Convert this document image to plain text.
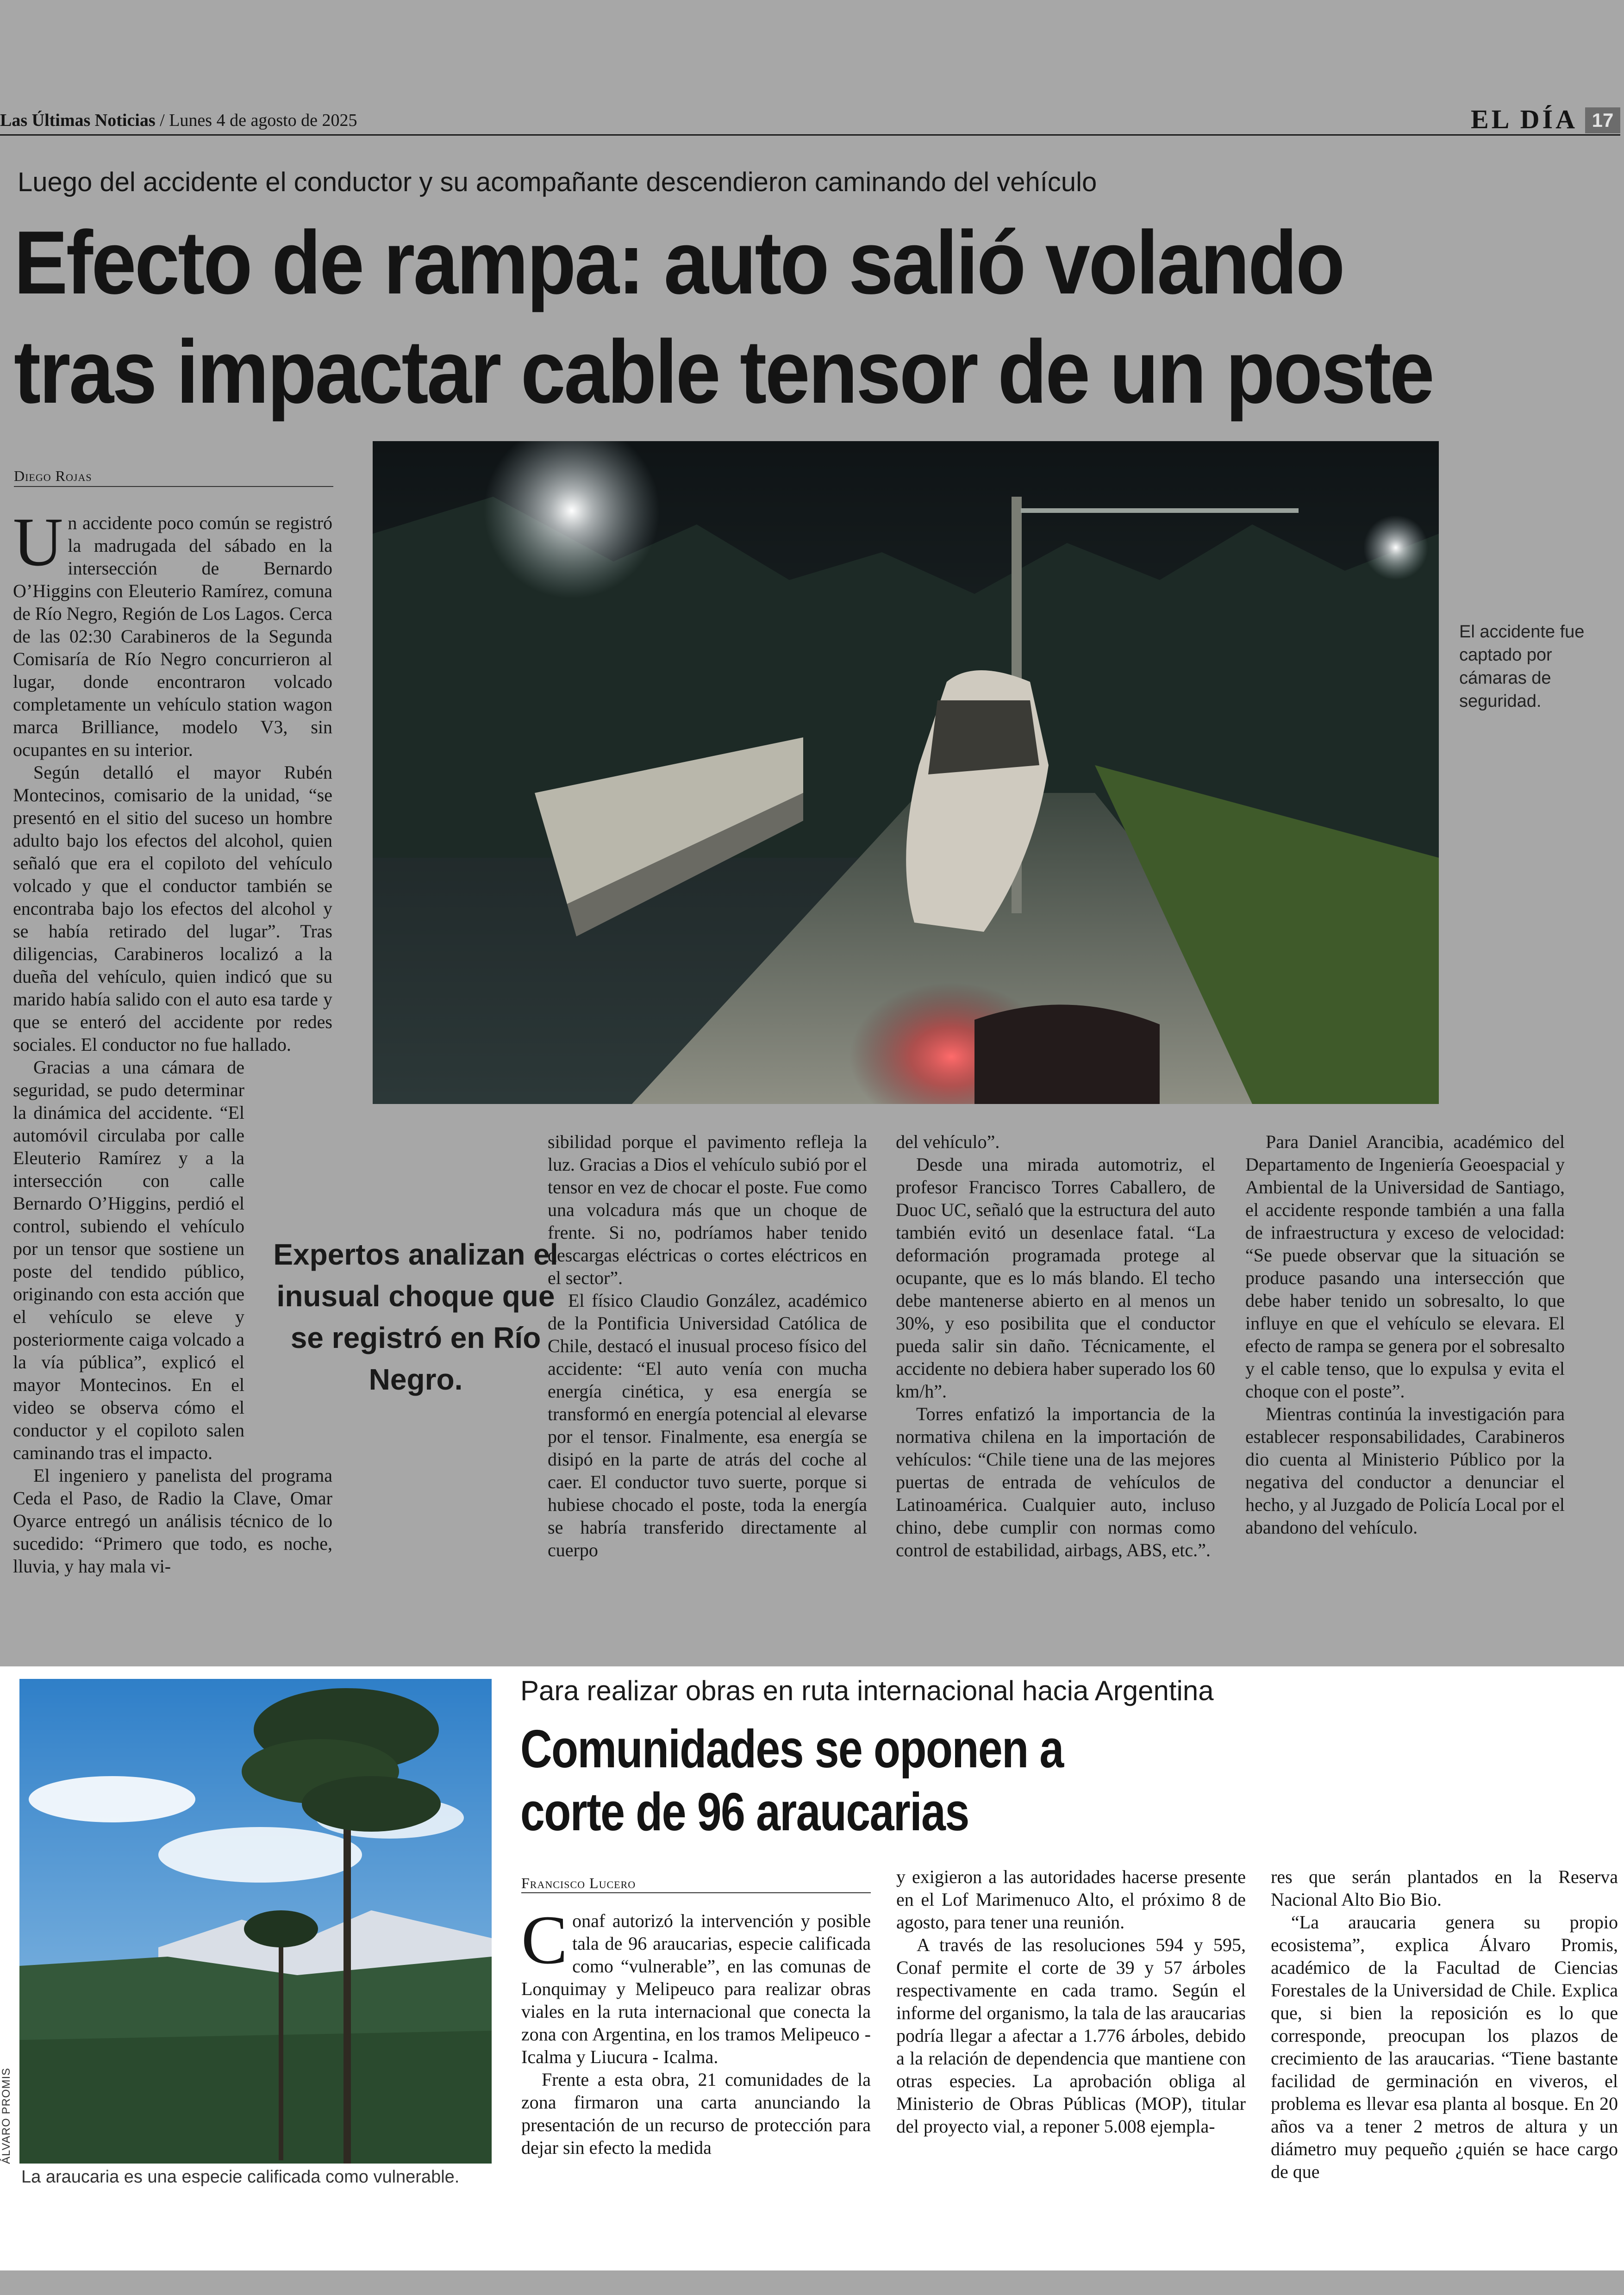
Las Últimas Noticias / Lunes 4 de agosto de 2025	EL DÍA 17
Luego del accidente el conductor y su acompañante descendieron caminando del vehículo
Efecto de rampa: auto salió volando
tras impactar cable tensor de un poste
Diego Rojas
El accidente fue captado por cámaras de seguridad.

Un accidente poco común se registró la madrugada del sábado en la intersección de Bernardo O’Higgins con Eleuterio Ramírez, comuna de Río Negro, Región de Los Lagos. Cerca de las 02:30 Carabineros de la Segunda Comisaría de Río Negro concurrieron al lugar, donde encontraron volcado completamente un vehículo station wagon marca Brilliance, modelo V3, sin ocupantes en su interior.

Según detalló el mayor Rubén Montecinos, comisario de la unidad, “se presentó en el sitio del suceso un hombre adulto bajo los efectos del alcohol, quien señaló que era el copiloto del vehículo volcado y que el conductor también se encontraba bajo los efectos del alcohol y se había retirado del lugar”. Tras diligencias, Carabineros localizó a la dueña del vehículo, quien indicó que su marido había salido con el auto esa tarde y que se enteró del accidente por redes sociales. El conductor no fue hallado.

Gracias a una cámara de seguridad, se pudo determinar la dinámica del accidente. “El automóvil circulaba por calle Eleuterio Ramírez y a la intersección con calle Bernardo O’Higgins, perdió el control, subiendo el vehículo por un tensor que sostiene un poste del tendido público, originando con esta acción que el vehículo se eleve y posteriormente caiga volcado a la vía pública”, explicó el mayor Montecinos. En el video se observa cómo el conductor y el copiloto salen caminando tras el impacto.

El ingeniero y panelista del programa Ceda el Paso, de Radio la Clave, Omar Oyarce entregó un análisis técnico de lo sucedido: “Primero que todo, es noche, lluvia, y hay mala vi-

Expertos analizan el inusual choque que se registró en Río Negro.

sibilidad porque el pavimento refleja la luz. Gracias a Dios el vehículo subió por el tensor en vez de chocar el poste. Fue como una volcadura más que un choque de frente. Si no, podríamos haber tenido descargas eléctricas o cortes eléctricos en el sector”.

El físico Claudio González, académico de la Pontificia Universidad Católica de Chile, destacó el inusual proceso físico del accidente: “El auto venía con mucha energía cinética, y esa energía se transformó en energía potencial al elevarse por el tensor. Finalmente, esa energía se disipó en la parte de atrás del coche al caer. El conductor tuvo suerte, porque si hubiese chocado el poste, toda la energía se habría transferido directamente al cuerpo

del vehículo”.

Desde una mirada automotriz, el profesor Francisco Torres Caballero, de Duoc UC, señaló que la estructura del auto también evitó un desenlace fatal. “La deformación programada protege al ocupante, que es lo más blando. El techo debe mantenerse abierto en al menos un 30%, y eso posibilita que el conductor pueda salir sin daño. Técnicamente, el accidente no debiera haber superado los 60 km/h”.

Torres enfatizó la importancia de la normativa chilena en la importación de vehículos: “Chile tiene una de las mejores puertas de entrada de vehículos de Latinoamérica. Cualquier auto, incluso chino, debe cumplir con normas como control de estabilidad, airbags, ABS, etc.”.

Para Daniel Arancibia, académico del Departamento de Ingeniería Geoespacial y Ambiental de la Universidad de Santiago, el accidente responde también a una falla de infraestructura y exceso de velocidad: “Se puede observar que la situación se produce pasando una intersección que debe haber tenido un sobresalto, lo que influye en que el vehículo se elevara. El efecto de rampa se genera por el sobresalto y el cable tenso, que lo expulsa y evita el choque con el poste”.

Mientras continúa la investigación para establecer responsabilidades, Carabineros dio cuenta al Ministerio Público por la negativa del conductor a denunciar el hecho, y al Juzgado de Policía Local por el abandono del vehículo.

ÁLVARO PROMIS
La araucaria es una especie calificada como vulnerable.
Para realizar obras en ruta internacional hacia Argentina
Comunidades se oponen a
corte de 96 araucarias
Francisco Lucero

Conaf autorizó la intervención y posible tala de 96 araucarias, especie calificada como “vulnerable”, en las comunas de Lonquimay y Melipeuco para realizar obras viales en la ruta internacional que conecta la zona con Argentina, en los tramos Melipeuco - Icalma y Liucura - Icalma.

Frente a esta obra, 21 comunidades de la zona firmaron una carta anunciando la presentación de un recurso de protección para dejar sin efecto la medida

y exigieron a las autoridades hacerse presente en el Lof Marimenuco Alto, el próximo 8 de agosto, para tener una reunión.

A través de las resoluciones 594 y 595, Conaf permite el corte de 39 y 57 árboles respectivamente en cada tramo. Según el informe del organismo, la tala de las araucarias podría llegar a afectar a 1.776 árboles, debido a la relación de dependencia que mantiene con otras especies. La aprobación obliga al Ministerio de Obras Públicas (MOP), titular del proyecto vial, a reponer 5.008 ejempla-

res que serán plantados en la Reserva Nacional Alto Bio Bio.

“La araucaria genera su propio ecosistema”, explica Álvaro Promis, académico de la Facultad de Ciencias Forestales de la Universidad de Chile. Explica que, si bien la reposición es lo que corresponde, preocupan los plazos de crecimiento de las araucarias. “Tiene bastante facilidad de germinación en viveros, el problema es llevar esa planta al bosque. En 20 años va a tener 2 metros de altura y un diámetro muy pequeño ¿quién se hace cargo de que
